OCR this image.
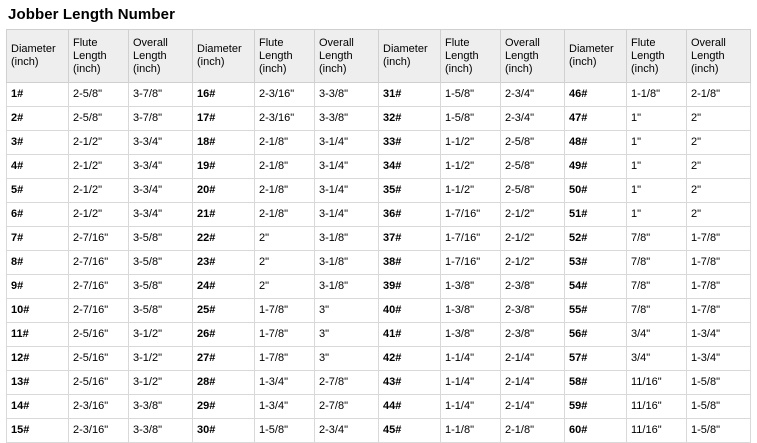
Jobber Length Number
Diameter (inch)	Flute Length (inch)	Overall Length (inch)	Diameter (inch)	Flute Length (inch)	Overall Length (inch)	Diameter (inch)	Flute Length (inch)	Overall Length (inch)	Diameter (inch)	Flute Length (inch)	Overall Length (inch)
1#	2-5/8"	3-7/8"	16#	2-3/16"	3-3/8"	31#	1-5/8"	2-3/4"	46#	1-1/8"	2-1/8"
2#	2-5/8"	3-7/8"	17#	2-3/16"	3-3/8"	32#	1-5/8"	2-3/4"	47#	1"	2"
3#	2-1/2"	3-3/4"	18#	2-1/8"	3-1/4"	33#	1-1/2"	2-5/8"	48#	1"	2"
4#	2-1/2"	3-3/4"	19#	2-1/8"	3-1/4"	34#	1-1/2"	2-5/8"	49#	1"	2"
5#	2-1/2"	3-3/4"	20#	2-1/8"	3-1/4"	35#	1-1/2"	2-5/8"	50#	1"	2"
6#	2-1/2"	3-3/4"	21#	2-1/8"	3-1/4"	36#	1-7/16"	2-1/2"	51#	1"	2"
7#	2-7/16"	3-5/8"	22#	2"	3-1/8"	37#	1-7/16"	2-1/2"	52#	7/8"	1-7/8"
8#	2-7/16"	3-5/8"	23#	2"	3-1/8"	38#	1-7/16"	2-1/2"	53#	7/8"	1-7/8"
9#	2-7/16"	3-5/8"	24#	2"	3-1/8"	39#	1-3/8"	2-3/8"	54#	7/8"	1-7/8"
10#	2-7/16"	3-5/8"	25#	1-7/8"	3"	40#	1-3/8"	2-3/8"	55#	7/8"	1-7/8"
11#	2-5/16"	3-1/2"	26#	1-7/8"	3"	41#	1-3/8"	2-3/8"	56#	3/4"	1-3/4"
12#	2-5/16"	3-1/2"	27#	1-7/8"	3"	42#	1-1/4"	2-1/4"	57#	3/4"	1-3/4"
13#	2-5/16"	3-1/2"	28#	1-3/4"	2-7/8"	43#	1-1/4"	2-1/4"	58#	11/16"	1-5/8"
14#	2-3/16"	3-3/8"	29#	1-3/4"	2-7/8"	44#	1-1/4"	2-1/4"	59#	11/16"	1-5/8"
15#	2-3/16"	3-3/8"	30#	1-5/8"	2-3/4"	45#	1-1/8"	2-1/8"	60#	11/16"	1-5/8"
